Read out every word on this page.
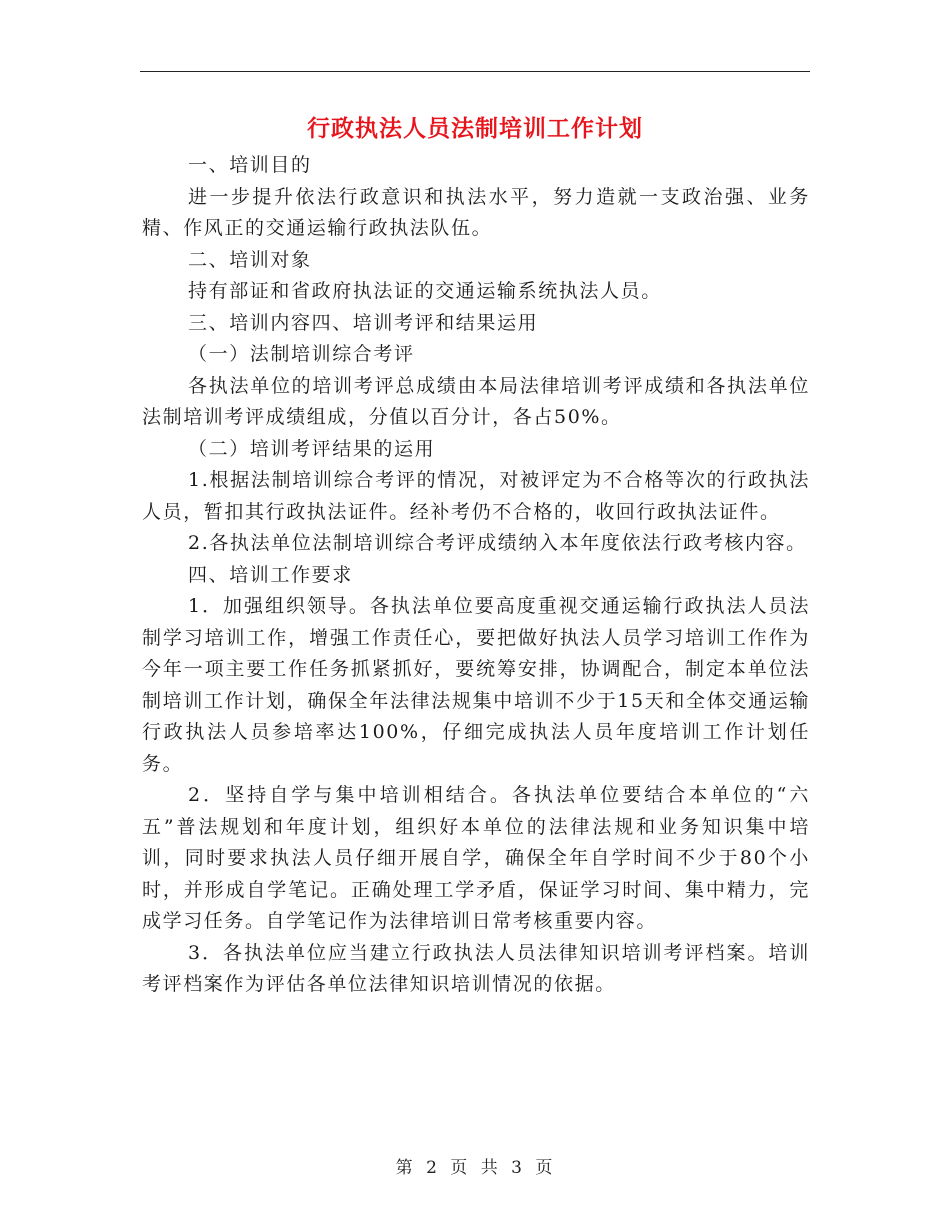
行政执法人员法制培训工作计划

一、培训目的

进一步提升依法行政意识和执法水平，努力造就一支政治强、业务精、作风正的交通运输行政执法队伍。

二、培训对象

持有部证和省政府执法证的交通运输系统执法人员。

三、培训内容四、培训考评和结果运用

（一）法制培训综合考评

各执法单位的培训考评总成绩由本局法律培训考评成绩和各执法单位法制培训考评成绩组成，分值以百分计，各占50%。

（二）培训考评结果的运用

1.根据法制培训综合考评的情况，对被评定为不合格等次的行政执法人员，暂扣其行政执法证件。经补考仍不合格的，收回行政执法证件。

2.各执法单位法制培训综合考评成绩纳入本年度依法行政考核内容。

四、培训工作要求

1．加强组织领导。各执法单位要高度重视交通运输行政执法人员法制学习培训工作，增强工作责任心，要把做好执法人员学习培训工作作为今年一项主要工作任务抓紧抓好，要统筹安排，协调配合，制定本单位法制培训工作计划，确保全年法律法规集中培训不少于15天和全体交通运输行政执法人员参培率达100%，仔细完成执法人员年度培训工作计划任务。

2．坚持自学与集中培训相结合。各执法单位要结合本单位的“六五”普法规划和年度计划，组织好本单位的法律法规和业务知识集中培训，同时要求执法人员仔细开展自学，确保全年自学时间不少于80个小时，并形成自学笔记。正确处理工学矛盾，保证学习时间、集中精力，完成学习任务。自学笔记作为法律培训日常考核重要内容。

3．各执法单位应当建立行政执法人员法律知识培训考评档案。培训考评档案作为评估各单位法律知识培训情况的依据。

第 2 页 共 3 页
